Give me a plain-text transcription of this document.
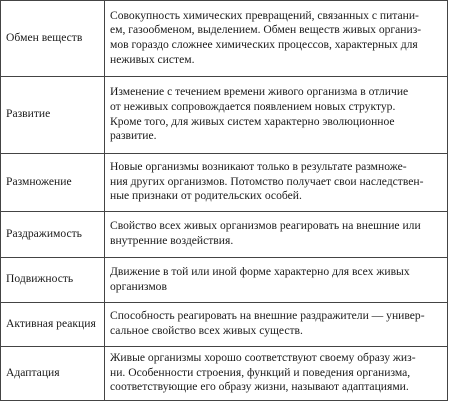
Обмен веществ	Совокупность химических превращений, связанных с питани-
ем, газообменом, выделением. Обмен веществ живых организ-
мов гораздо сложнее химических процессов, характерных для
неживых систем.

Развитие	Изменение с течением времени живого организма в отличие
от неживых сопровождается появлением новых структур.
Кроме того, для живых систем характерно эволюционное
развитие.

Размножение	Новые организмы возникают только в результате размноже-
ния других организмов. Потомство получает свои наследствен-
ные признаки от родительских особей.

Раздражимость	Свойство всех живых организмов реагировать на внешние или
внутренние воздействия.

Подвижность	Движение в той или иной форме характерно для всех живых
организмов

Активная реакция	Способность реагировать на внешние раздражители — универ-
сальное свойство всех живых существ.

Адаптация	Живые организмы хорошо соответствуют своему образу жиз-
ни. Особенности строения, функций и поведения организма,
соответствующие его образу жизни, называют адаптациями.
